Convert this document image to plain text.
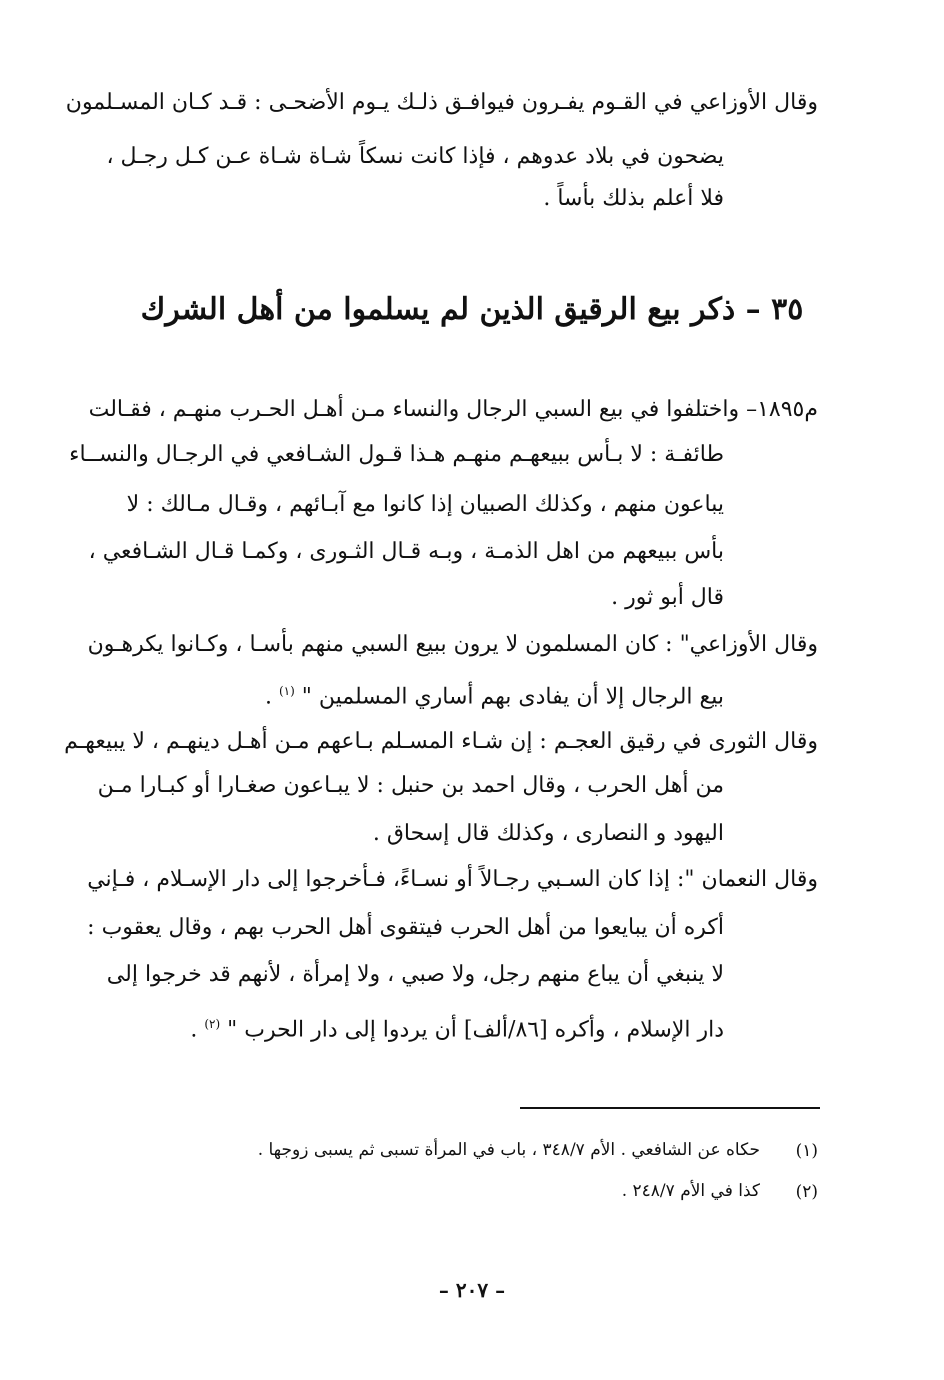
وقال الأوزاعي في القـوم يفـرون فيوافـق ذلـك يـوم الأضحـى : قـد كـان المسـلمون
يضحون في بلاد عدوهم ، فإذا كانت نسكاً شـاة شـاة عـن كـل رجـل ،
فلا أعلم بذلك بأساً .
٣٥ – ذكر بيع الرقيق الذين لم يسلموا من أهل الشرك
م١٨٩٥– واختلفوا في بيع السبي الرجال والنساء مـن أهـل الحـرب منهـم ، فقـالت
طائفـة : لا بـأس ببيعهـم منهـم هـذا قـول الشـافعي في الرجـال والنســاء
يباعون منهم ، وكذلك الصبيان إذا كانوا مع آبـائهم ، وقـال مـالك : لا
بأس ببيعهم من اهل الذمـة ، وبـه قـال الثـورى ، وكمـا قـال الشـافعي ،
قال أبو ثور .
وقال الأوزاعي" : كان المسلمون لا يرون ببيع السبي منهم بأسـا ، وكـانوا يكرهـون
بيع الرجال إلا أن يفادى بهم أساري المسلمين " $^{(١)}$ .
وقال الثورى في رقيق العجـم : إن شـاء المسـلم بـاعهم مـن أهـل دينهـم ، لا يبيعهـم
من أهل الحرب ، وقال احمد بن حنبل : لا يبـاعون صغـارا أو كبـارا مـن
اليهود و النصارى ، وكذلك قال إسحاق .
وقال النعمان ": إذا كان السـبي رجـالاً أو نسـاءً، فـأخرجوا إلى دار الإسـلام ، فـإني
أكره أن يبايعوا من أهل الحرب فيتقوى أهل الحرب بهم ، وقال يعقوب :
لا ينبغي أن يباع منهم رجل، ولا صبي ، ولا إمرأة ، لأنهم قد خرجوا إلى
دار الإسلام ، وأكره [٨٦/ألف] أن يردوا إلى دار الحرب " $^{(٢)}$ .
(١)
حكاه عن الشافعي . الأم ٣٤٨/٧ ، باب في المرأة تسبى ثم يسبى زوجها .
(٢)
كذا في الأم ٢٤٨/٧ .
– ٢٠٧ –
